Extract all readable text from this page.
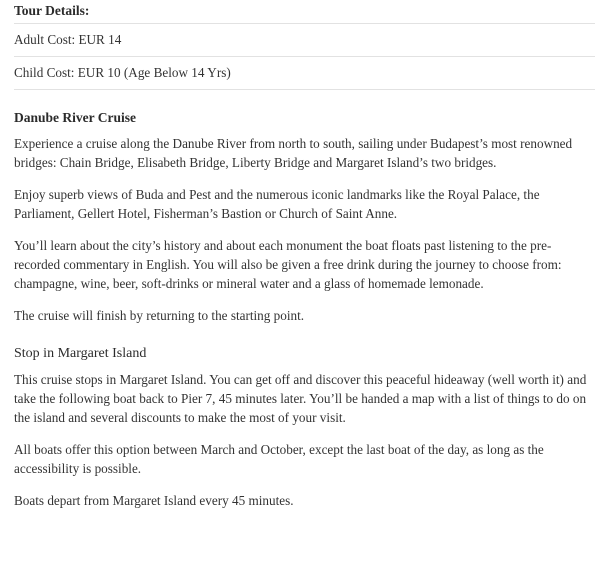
Tour Details:
Adult Cost: EUR 14
Child Cost: EUR 10 (Age Below 14 Yrs)
Danube River Cruise
Experience a cruise along the Danube River from north to south, sailing under Budapest’s most renowned bridges: Chain Bridge, Elisabeth Bridge, Liberty Bridge and Margaret Island’s two bridges.
Enjoy superb views of Buda and Pest and the numerous iconic landmarks like the Royal Palace, the Parliament, Gellert Hotel, Fisherman’s Bastion or Church of Saint Anne.
You’ll learn about the city’s history and about each monument the boat floats past listening to the pre-recorded commentary in English. You will also be given a free drink during the journey to choose from: champagne, wine, beer, soft-drinks or mineral water and a glass of homemade lemonade.
The cruise will finish by returning to the starting point.
Stop in Margaret Island
This cruise stops in Margaret Island. You can get off and discover this peaceful hideaway (well worth it) and take the following boat back to Pier 7, 45 minutes later. You’ll be handed a map with a list of things to do on the island and several discounts to make the most of your visit.
All boats offer this option between March and October, except the last boat of the day, as long as the accessibility is possible.
Boats depart from Margaret Island every 45 minutes.
